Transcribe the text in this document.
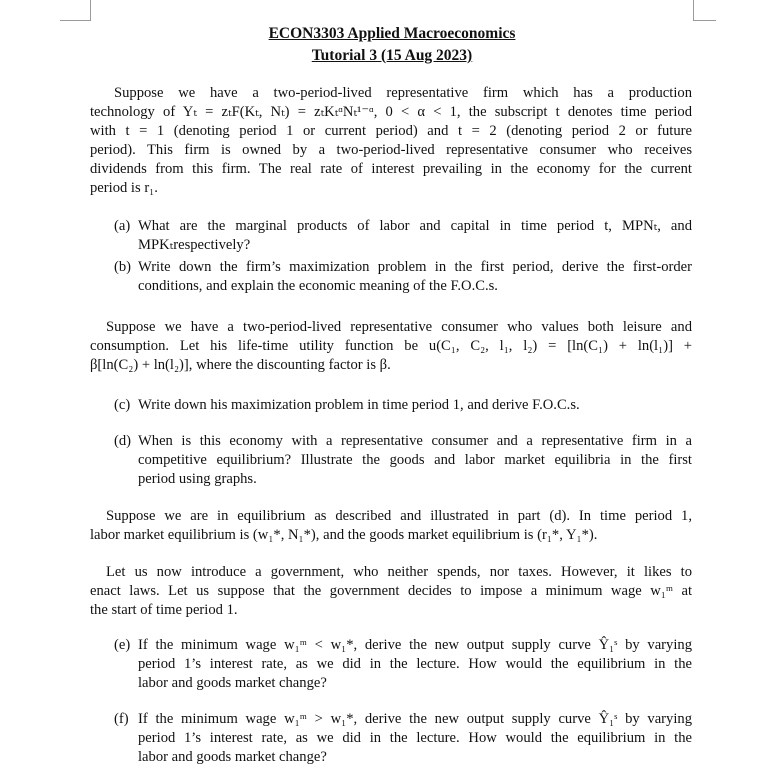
ECON3303 Applied Macroeconomics
Tutorial 3 (15 Aug 2023)
Suppose we have a two-period-lived representative firm which has a production
technology of Yₜ = zₜF(Kₜ, Nₜ) = zₜKₜᵅNₜ¹⁻ᵅ, 0 < α < 1, the subscript t denotes time period
with t = 1 (denoting period 1 or current period) and t = 2 (denoting period 2 or future
period). This firm is owned by a two-period-lived representative consumer who receives
dividends from this firm. The real rate of interest prevailing in the economy for the current
period is r₁.
(a) What are the marginal products of labor and capital in time period t, MPNₜ, and
MPKₜrespectively?
(b) Write down the firm’s maximization problem in the first period, derive the first-order
conditions, and explain the economic meaning of the F.O.C.s.
Suppose we have a two-period-lived representative consumer who values both leisure and
consumption. Let his life-time utility function be u(C₁, C₂, l₁, l₂) = [ln(C₁) + ln(l₁)] +
β[ln(C₂) + ln(l₂)], where the discounting factor is β.
(c) Write down his maximization problem in time period 1, and derive F.O.C.s.
(d) When is this economy with a representative consumer and a representative firm in a
competitive equilibrium? Illustrate the goods and labor market equilibria in the first
period using graphs.
Suppose we are in equilibrium as described and illustrated in part (d). In time period 1,
labor market equilibrium is (w₁*, N₁*), and the goods market equilibrium is (r₁*, Y₁*).
Let us now introduce a government, who neither spends, nor taxes. However, it likes to
enact laws. Let us suppose that the government decides to impose a minimum wage w₁ᵐ at
the start of time period 1.
(e) If the minimum wage w₁ᵐ < w₁*, derive the new output supply curve Ŷ₁ˢ by varying
period 1’s interest rate, as we did in the lecture. How would the equilibrium in the
labor and goods market change?
(f) If the minimum wage w₁ᵐ > w₁*, derive the new output supply curve Ŷ₁ˢ by varying
period 1’s interest rate, as we did in the lecture. How would the equilibrium in the
labor and goods market change?
